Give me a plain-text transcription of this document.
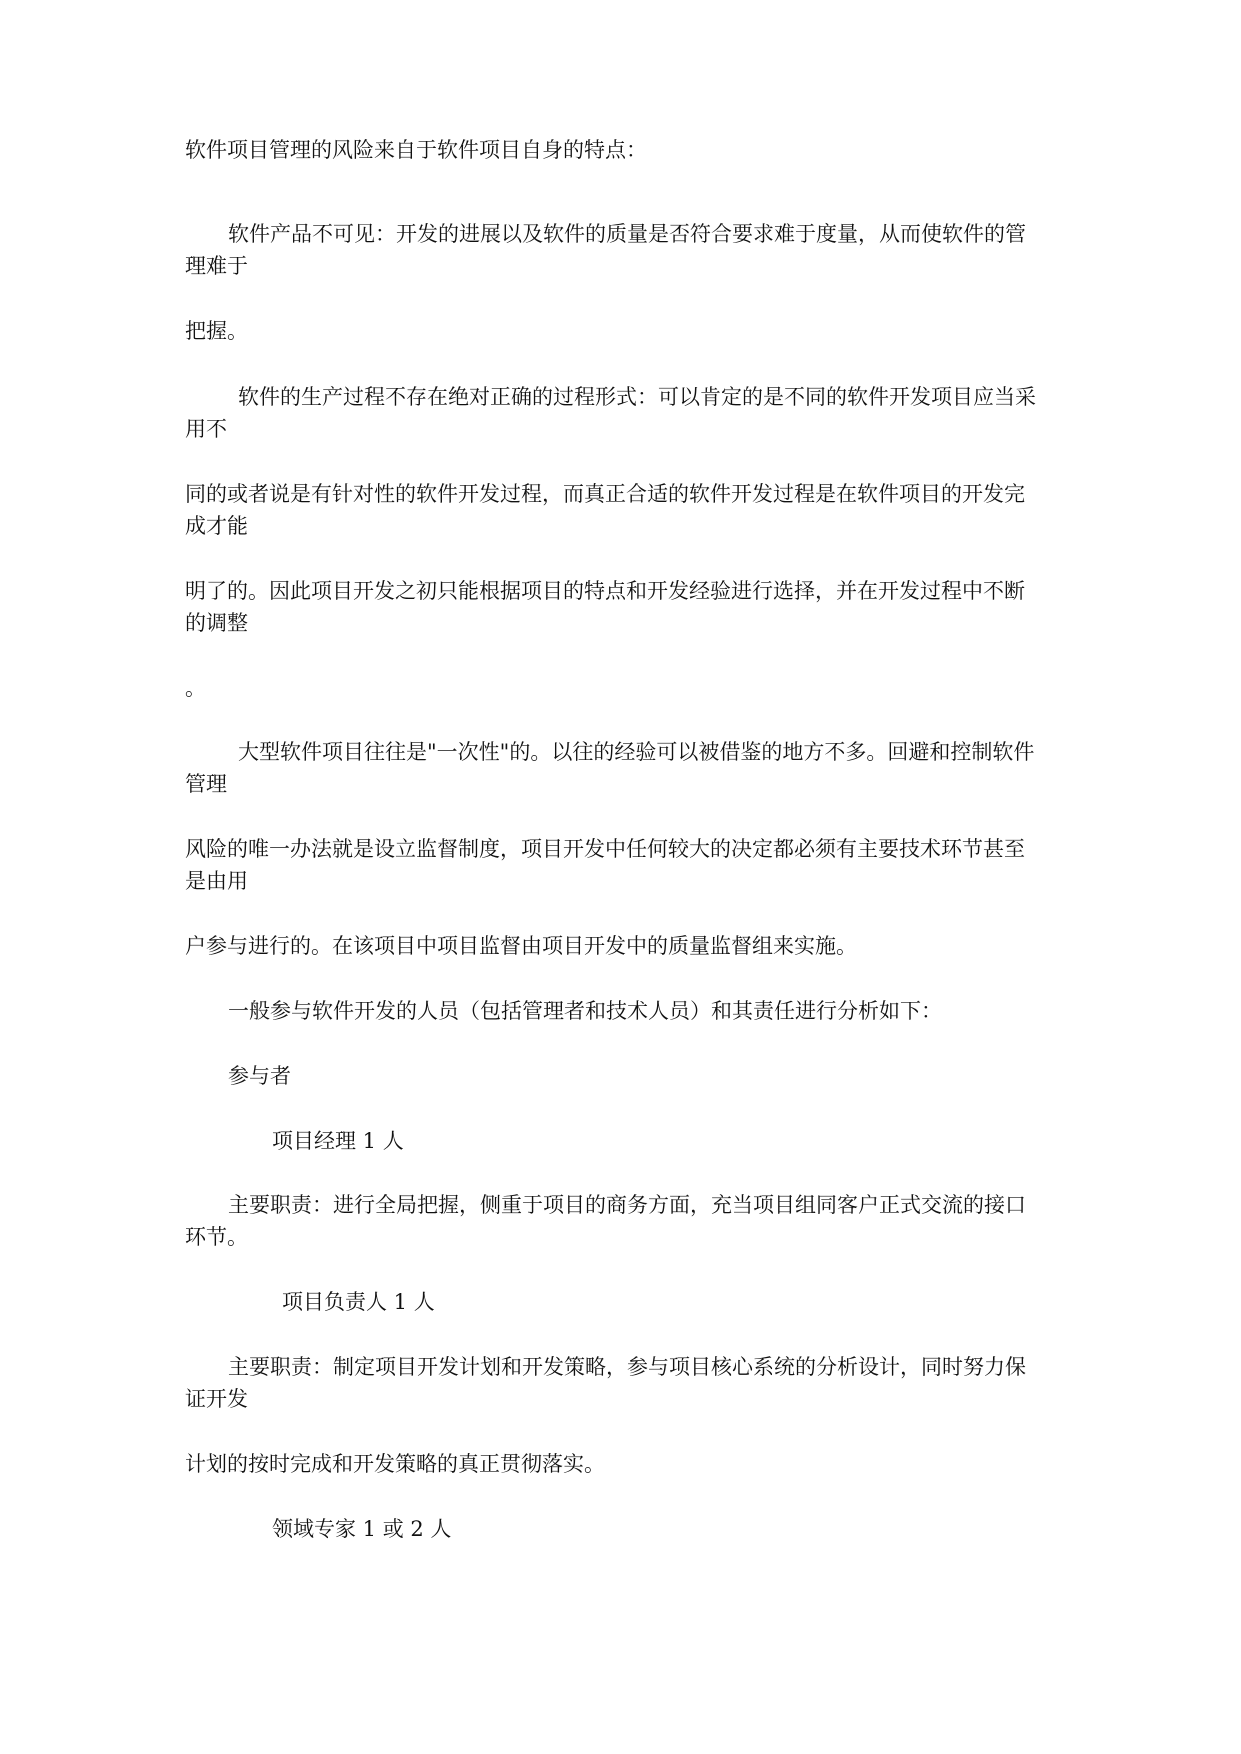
软件项目管理的风险来自于软件项目自身的特点：
软件产品不可见：开发的进展以及软件的质量是否符合要求难于度量，从而使软件的管
理难于
把握。
软件的生产过程不存在绝对正确的过程形式：可以肯定的是不同的软件开发项目应当采
用不
同的或者说是有针对性的软件开发过程，而真正合适的软件开发过程是在软件项目的开发完
成才能
明了的。因此项目开发之初只能根据项目的特点和开发经验进行选择，并在开发过程中不断
的调整
。
大型软件项目往往是"一次性"的。以往的经验可以被借鉴的地方不多。回避和控制软件
管理
风险的唯一办法就是设立监督制度，项目开发中任何较大的决定都必须有主要技术环节甚至
是由用
户参与进行的。在该项目中项目监督由项目开发中的质量监督组来实施。
一般参与软件开发的人员（包括管理者和技术人员）和其责任进行分析如下：
参与者
项目经理 1 人
主要职责：进行全局把握，侧重于项目的商务方面，充当项目组同客户正式交流的接口
环节。
项目负责人 1 人
主要职责：制定项目开发计划和开发策略，参与项目核心系统的分析设计，同时努力保
证开发
计划的按时完成和开发策略的真正贯彻落实。
领域专家 1 或 2 人
